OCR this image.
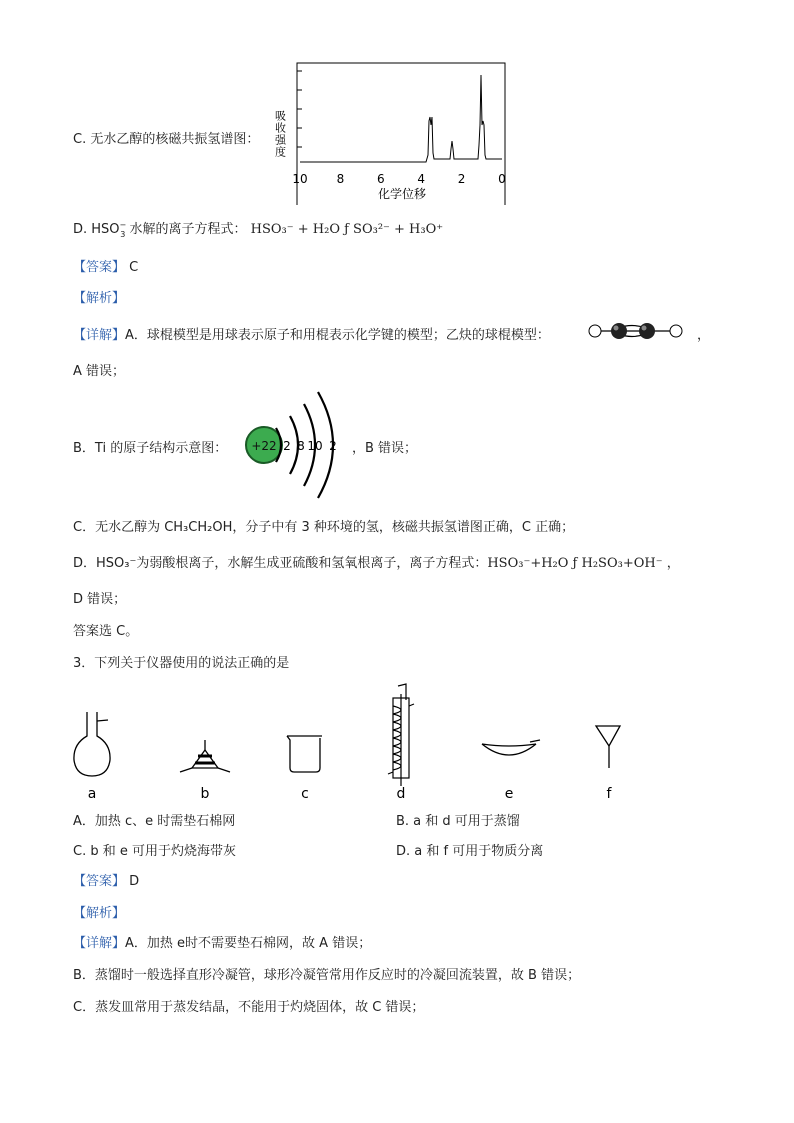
C. 无水乙醇的核磁共振氢谱图： 吸收强度
10 8	6	4	2	0
化学位移
D. $HSO^-_3$ 水解的离子方程式： HSO₃⁻ + H₂O ƒ SO₃²⁻ + H₃O⁺
【答案】 C
【解析】
【详解】A．球棍模型是用球表示原子和用棍表示化学键的模型；乙炔的球棍模型：	，
A 错误；
B．Ti 的原子结构示意图： +22 2 8 10 2 ，B 错误；
C．无水乙醇为 CH₃CH₂OH，分子中有 3 种环境的氢，核磁共振氢谱图正确，C 正确；
D．HSO₃⁻为弱酸根离子，水解生成亚硫酸和氢氧根离子，离子方程式：HSO₃⁻+H₂O ƒ H₂SO₃+OH⁻ ，
D 错误；
答案选 C。
3．下列关于仪器使用的说法正确的是
a	b	c	d	e	f
A．加热 c、e 时需垫石棉网	B. a 和 d 可用于蒸馏
C. b 和 e 可用于灼烧海带灰	D. a 和 f 可用于物质分离
【答案】 D
【解析】
【详解】A．加热 e时不需要垫石棉网，故 A 错误；
B．蒸馏时一般选择直形冷凝管，球形冷凝管常用作反应时的冷凝回流装置，故 B 错误；
C．蒸发皿常用于蒸发结晶，不能用于灼烧固体，故 C 错误；
